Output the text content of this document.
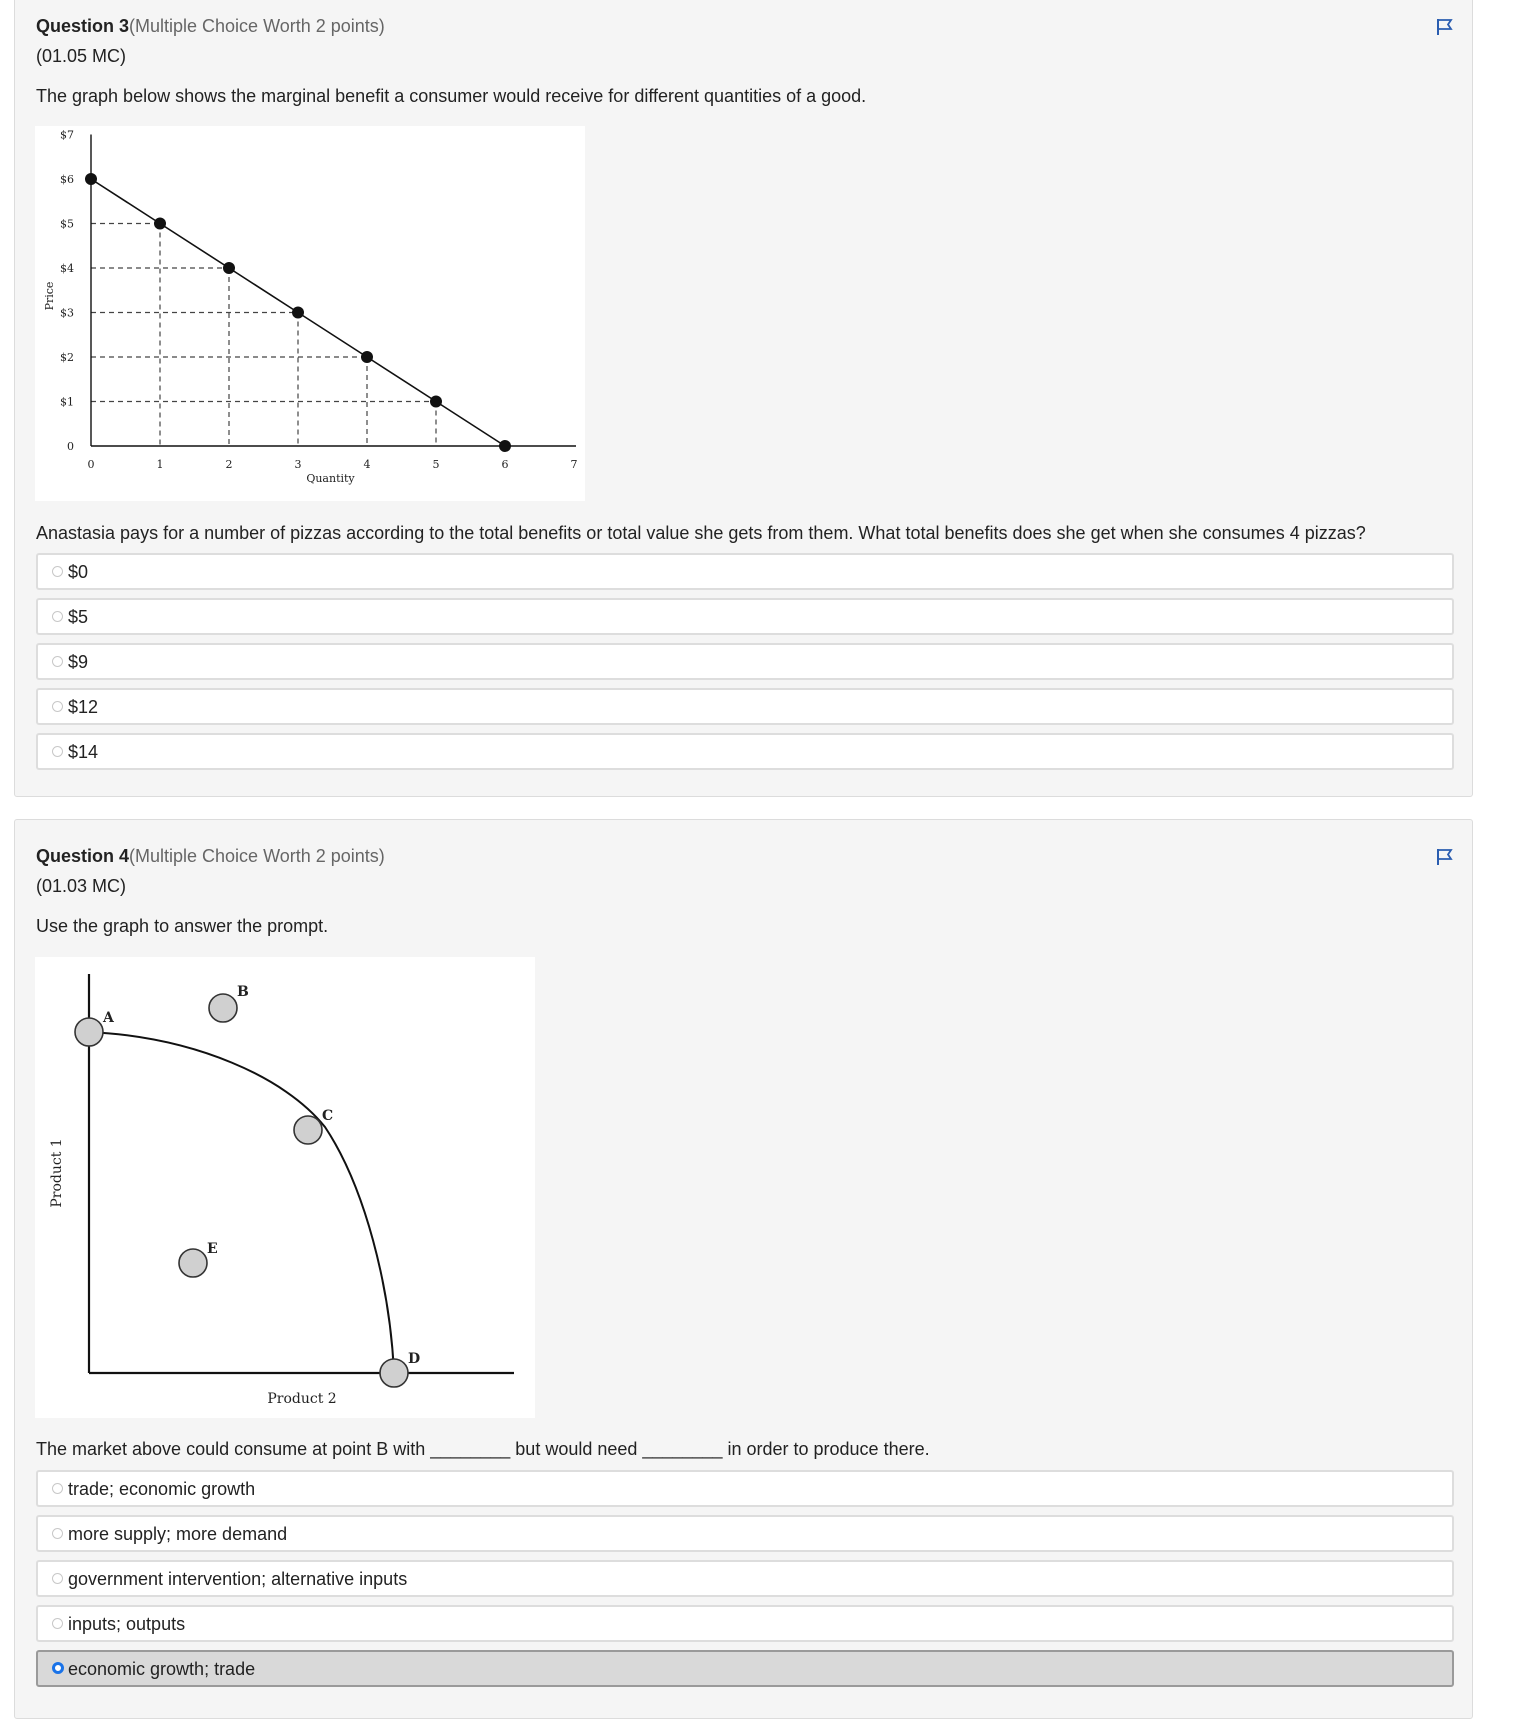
Question 3(Multiple Choice Worth 2 points)
(01.05 MC)
The graph below shows the marginal benefit a consumer would receive for different quantities of a good.
0
$1
$2
$3
$4
$5
$6
$7
0	1	2	3	4	5	6	7
Quantity
Price
Anastasia pays for a number of pizzas according to the total benefits or total value she gets from them. What total benefits does she get when she consumes 4 pizzas?
$0
$5
$9
$12
$14
Question 4(Multiple Choice Worth 2 points)
(01.03 MC)
Use the graph to answer the prompt.
A
B
C
D
E
Product 2
Product 1
The market above could consume at point B with ________ but would need ________ in order to produce there.
trade; economic growth
more supply; more demand
government intervention; alternative inputs
inputs; outputs
economic growth; trade
